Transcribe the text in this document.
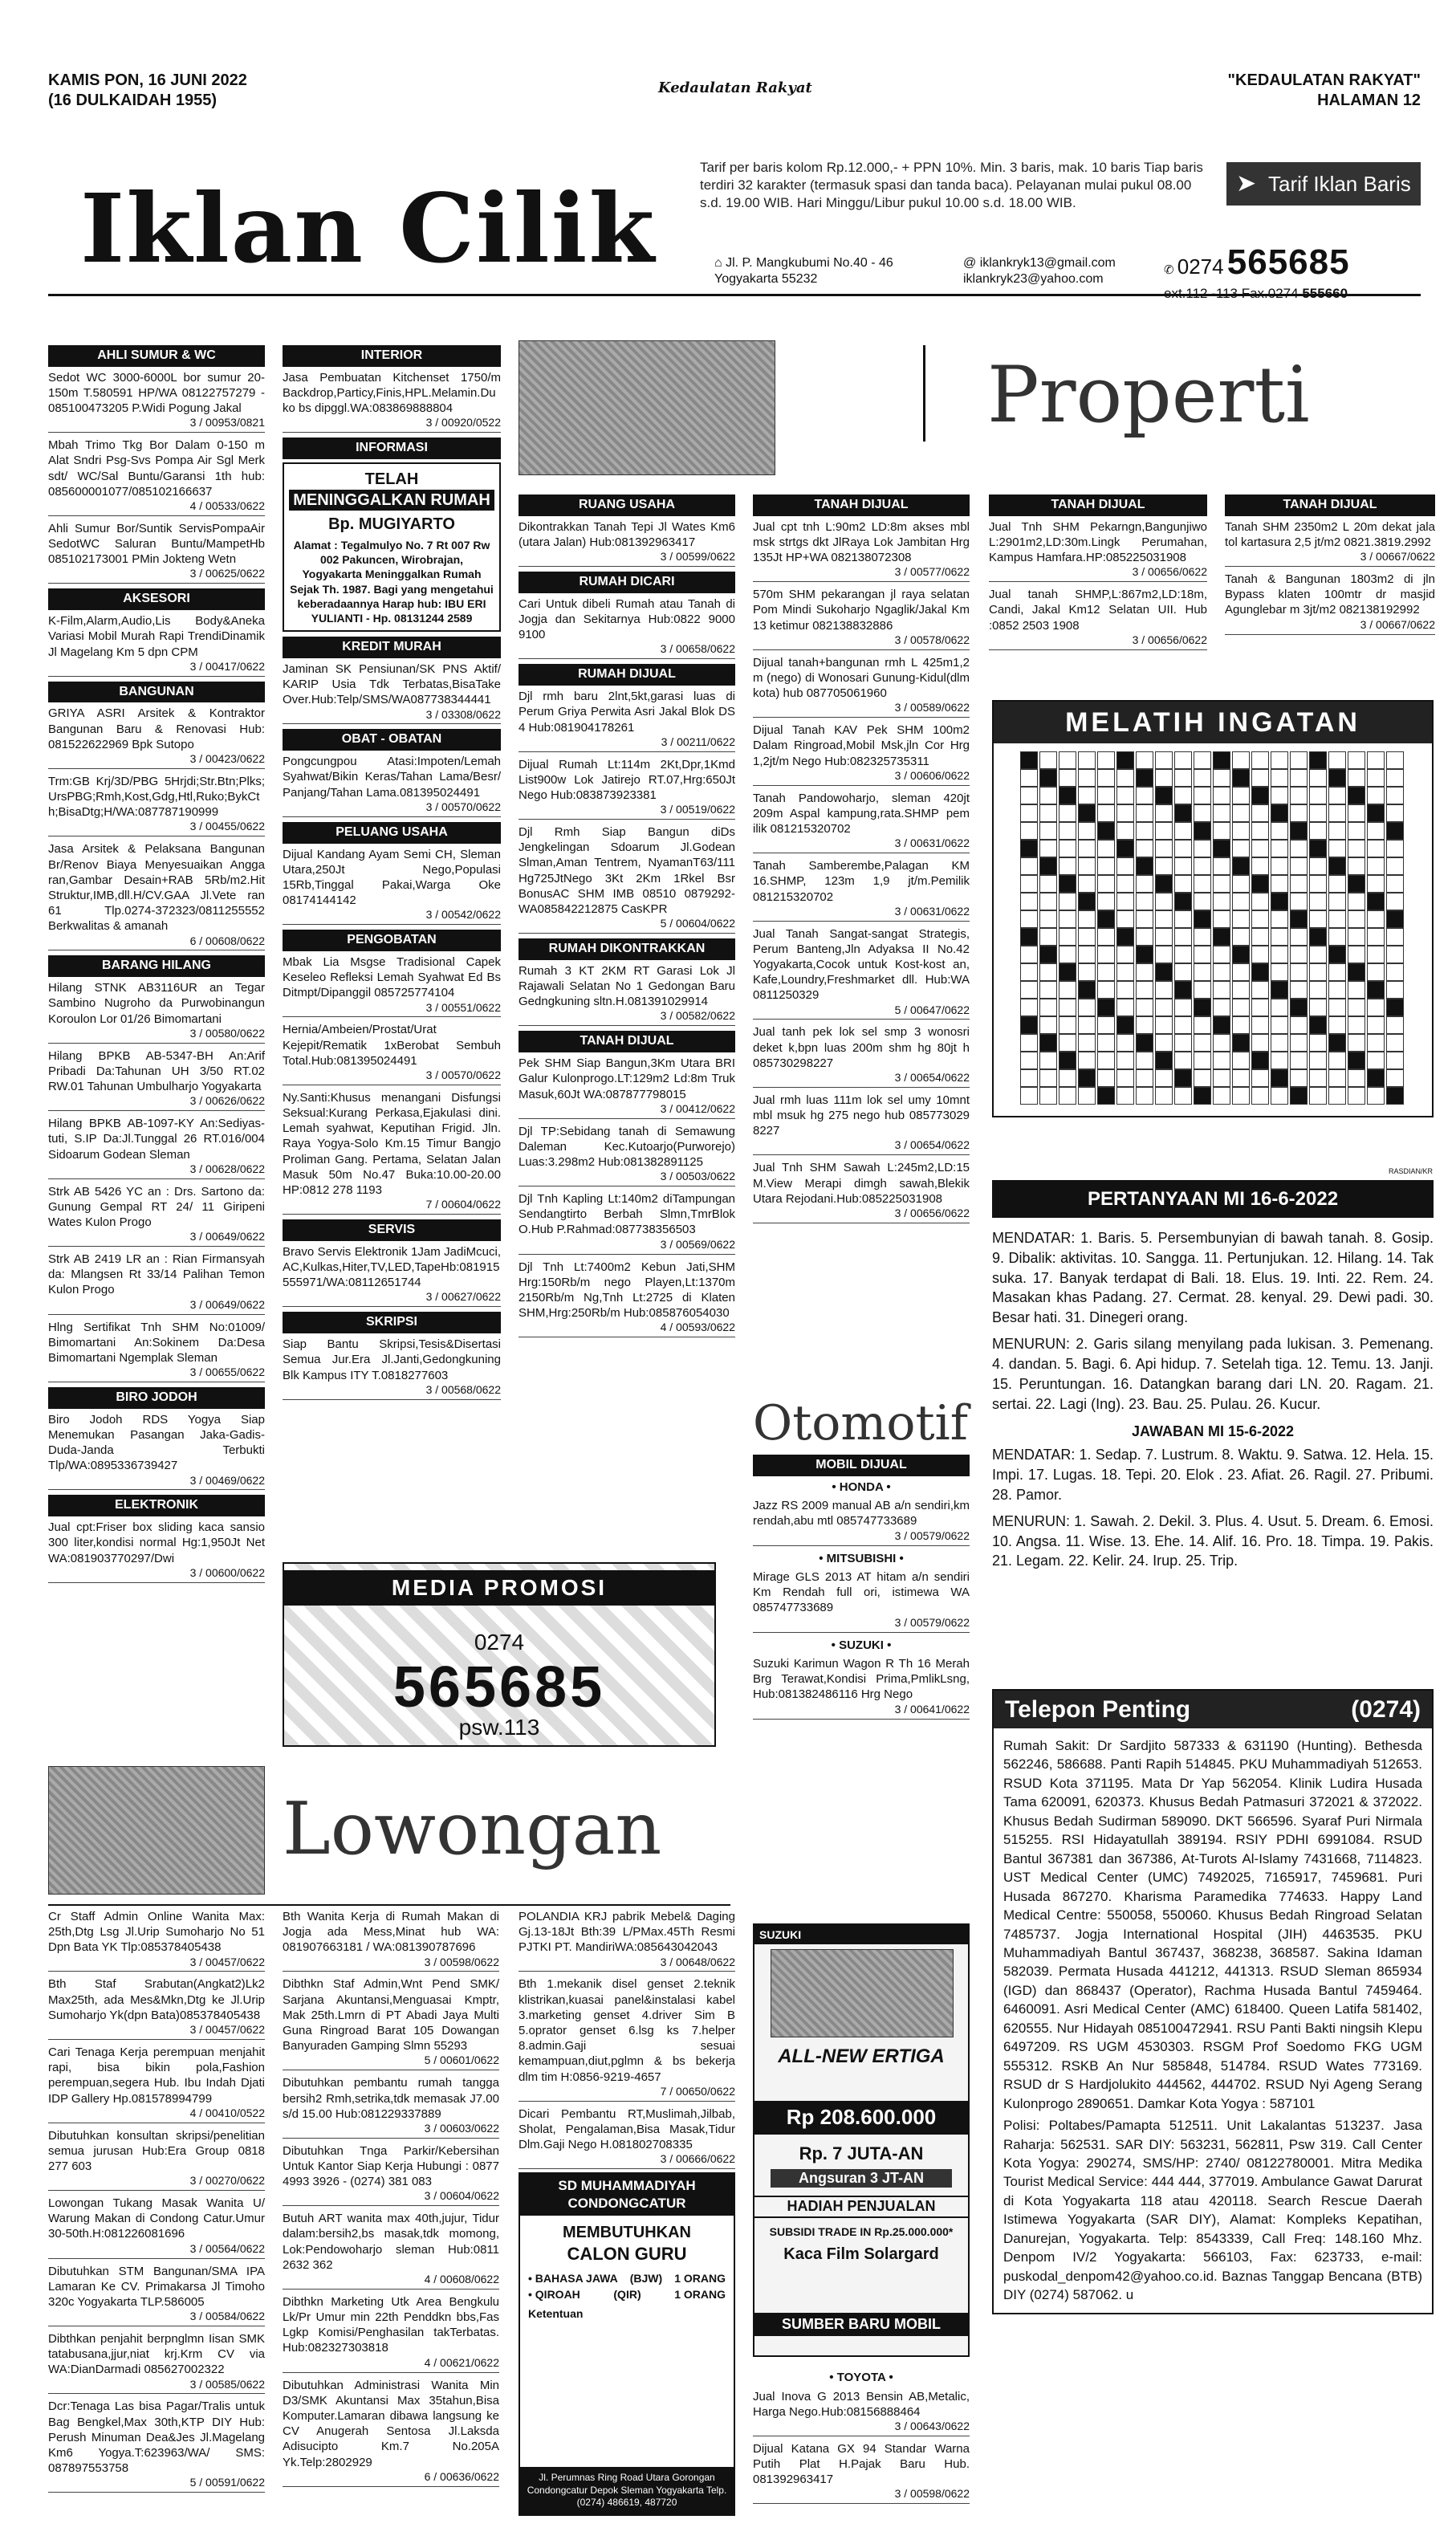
KAMIS PON, 16 JUNI 2022
(16 DULKAIDAH 1955)
Kedaulatan Rakyat	"KEDAULATAN RAKYAT"
HALAMAN 12
Iklan Cilik
Tarif per baris kolom Rp.12.000,- + PPN 10%. Min. 3 baris, mak. 10 baris Tiap baris terdiri 32 karakter (termasuk spasi dan tanda baca). Pelayanan mulai pukul 08.00 s.d. 19.00 WIB. Hari Minggu/Libur pukul 10.00 s.d. 18.00 WIB.
➤ Tarif Iklan Baris
⌂ Jl. P. Mangkubumi No.40 - 46
Yogyakarta 55232
@ iklankryk13@gmail.com
iklankryk23@yahoo.com
✆ 0274 565685
ext.112 -113 Fax.0274 555660
AHLI SUMUR & WC
Sedot WC 3000-6000L bor sumur 20-150m T.580591 HP/WA 08122757279 - 085100473205 P.Widi Pogung Jakal
3 / 00953/0821
Mbah Trimo Tkg Bor Dalam 0-150 m Alat Sndri Psg-Svs Pompa Air Sgl Merk sdt/ WC/Sal Buntu/Garansi 1th hub: 085600001077/085102166637
4 / 00533/0622
Ahli Sumur Bor/Suntik ServisPompaAir SedotWC Saluran Buntu/MampetHb 085102173001 PMin Jokteng Wetn
3 / 00625/0622
AKSESORI
K-Film,Alarm,Audio,Lis Body&Aneka Variasi Mobil Murah Rapi TrendiDinamik Jl Magelang Km 5 dpn CPM
3 / 00417/0622
BANGUNAN
GRIYA ASRI Arsitek & Kontraktor Bangunan Baru & Renovasi Hub: 081522622969 Bpk Sutopo
3 / 00423/0622
Trm:GB Krj/3D/PBG 5Hrjdi;Str.Btn;Plks; UrsPBG;Rmh,Kost,Gdg,Htl,Ruko;BykCt h;BisaDtg;H/WA:087787190999
3 / 00455/0622
Jasa Arsitek & Pelaksana Bangunan Br/Renov Biaya Menyesuaikan Angga ran,Gambar Desain+RAB 5Rb/m2.Hit Struktur,IMB,dll.H/CV.GAA Jl.Vete ran 61 Tlp.0274-372323/0811255552 Berkwalitas & amanah
6 / 00608/0622
BARANG HILANG
Hilang STNK AB3116UR an Tegar Sambino Nugroho da Purwobinangun Koroulon Lor 01/26 Bimomartani
3 / 00580/0622
Hilang BPKB AB-5347-BH An:Arif Pribadi Da:Tahunan UH 3/50 RT.02 RW.01 Tahunan Umbulharjo Yogyakarta
3 / 00626/0622
Hilang BPKB AB-1097-KY An:Sediyas-tuti, S.IP Da:Jl.Tunggal 26 RT.016/004 Sidoarum Godean Sleman
3 / 00628/0622
Strk AB 5426 YC an : Drs. Sartono da: Gunung Gempal RT 24/ 11 Giripeni Wates Kulon Progo
3 / 00649/0622
Strk AB 2419 LR an : Rian Firmansyah da: Mlangsen Rt 33/14 Palihan Temon Kulon Progo
3 / 00649/0622
Hlng Sertifikat Tnh SHM No:01009/ Bimomartani An:Sokinem Da:Desa Bimomartani Ngemplak Sleman
3 / 00655/0622
BIRO JODOH
Biro Jodoh RDS Yogya Siap Menemukan Pasangan Jaka-Gadis-Duda-Janda Terbukti Tlp/WA:0895336739427
3 / 00469/0622
ELEKTRONIK
Jual cpt:Friser box sliding kaca sansio 300 liter,kondisi normal Hg:1,950Jt Net WA:081903770297/Dwi
3 / 00600/0622
INTERIOR
Jasa Pembuatan Kitchenset 1750/m Backdrop,Particy,Finis,HPL.Melamin.Du ko bs dipggl.WA:083869888804
3 / 00920/0522
INFORMASI
TELAH
MENINGGALKAN RUMAH
Bp. MUGIYARTO
Alamat : Tegalmulyo No. 7 Rt 007 Rw 002 Pakuncen, Wirobrajan, Yogyakarta Meninggalkan Rumah Sejak Th. 1987. Bagi yang mengetahui keberadaannya Harap hub: IBU ERI YULIANTI - Hp. 08131244 2589
KREDIT MURAH
Jaminan SK Pensiunan/SK PNS Aktif/ KARIP Usia Tdk Terbatas,BisaTake Over.Hub:Telp/SMS/WA087738344441
3 / 03308/0622
OBAT - OBATAN
Pongcungpou Atasi:Impoten/Lemah Syahwat/Bikin Keras/Tahan Lama/Besr/ Panjang/Tahan Lama.081395024491
3 / 00570/0622
PELUANG USAHA
Dijual Kandang Ayam Semi CH, Sleman Utara,250Jt Nego,Populasi 15Rb,Tinggal Pakai,Warga Oke 08174144142
3 / 00542/0622
PENGOBATAN
Mbak Lia Msgse Tradisional Capek Keseleo Refleksi Lemah Syahwat Ed Bs Ditmpt/Dipanggil 085725774104
3 / 00551/0622
Hernia/Ambeien/Prostat/Urat Kejepit/Rematik 1xBerobat Sembuh Total.Hub:081395024491
3 / 00570/0622
Ny.Santi:Khusus menangani Disfungsi Seksual:Kurang Perkasa,Ejakulasi dini. Lemah syahwat, Keputihan Frigid. Jln. Raya Yogya-Solo Km.15 Timur Bangjo Proliman Gang. Pertama, Selatan Jalan Masuk 50m No.47 Buka:10.00-20.00 HP:0812 278 1193
7 / 00604/0622
SERVIS
Bravo Servis Elektronik 1Jam JadiMcuci, AC,Kulkas,Hiter,TV,LED,TapeHb:081915 555971/WA:08112651744
3 / 00627/0622
SKRIPSI
Siap Bantu Skripsi,Tesis&Disertasi Semua Jur.Era Jl.Janti,Gedongkuning Blk Kampus ITY T.0818277603
3 / 00568/0622
MEDIA PROMOSI
0274
565685
psw.113
Properti
RUANG USAHA
Dikontrakkan Tanah Tepi Jl Wates Km6 (utara Jalan) Hub:081392963417
3 / 00599/0622
RUMAH DICARI
Cari Untuk dibeli Rumah atau Tanah di Jogja dan Sekitarnya Hub:0822 9000 9100
3 / 00658/0622
RUMAH DIJUAL
Djl rmh baru 2lnt,5kt,garasi luas di Perum Griya Perwita Asri Jakal Blok DS 4 Hub:081904178261
3 / 00211/0622
Dijual Rumah Lt:114m 2Kt,Dpr,1Kmd List900w Lok Jatirejo RT.07,Hrg:650Jt Nego Hub:083873923381
3 / 00519/0622
Djl Rmh Siap Bangun diDs Jengkelingan Sdoarum Jl.Godean Slman,Aman Tentrem, NyamanT63/111 Hg725JtNego 3Kt 2Km 1Rkel Bsr BonusAC SHM IMB 08510 0879292-WA085842212875 CasKPR
5 / 00604/0622
RUMAH DIKONTRAKKAN
Rumah 3 KT 2KM RT Garasi Lok Jl Rajawali Selatan No 1 Gedongan Baru Gedngkuning sltn.H.081391029914
3 / 00582/0622
TANAH DIJUAL
Pek SHM Siap Bangun,3Km Utara BRI Galur Kulonprogo.LT:129m2 Ld:8m Truk Masuk,60Jt WA:087877798015
3 / 00412/0622
Djl TP:Sebidang tanah di Semawung Daleman Kec.Kutoarjo(Purworejo) Luas:3.298m2 Hub:081382891125
3 / 00503/0622
Djl Tnh Kapling Lt:140m2 diTampungan Sendangtirto Berbah Slmn,TmrBlok O.Hub P.Rahmad:087738356503
3 / 00569/0622
Djl Tnh Lt:7400m2 Kebun Jati,SHM Hrg:150Rb/m nego Playen,Lt:1370m 2150Rb/m Ng,Tnh Lt:2725 di Klaten SHM,Hrg:250Rb/m Hub:085876054030
4 / 00593/0622
TANAH DIJUAL
Jual cpt tnh L:90m2 LD:8m akses mbl msk strtgs dkt JlRaya Lok Jambitan Hrg 135Jt HP+WA 082138072308
3 / 00577/0622
570m SHM pekarangan jl raya selatan Pom Mindi Sukoharjo Ngaglik/Jakal Km 13 ketimur 082138832886
3 / 00578/0622
Dijual tanah+bangunan rmh L 425m1,2 m (nego) di Wonosari Gunung-Kidul(dlm kota) hub 087705061960
3 / 00589/0622
Dijual Tanah KAV Pek SHM 100m2 Dalam Ringroad,Mobil Msk,jln Cor Hrg 1,2jt/m Nego Hub:082325735311
3 / 00606/0622
Tanah Pandowoharjo, sleman 420jt 209m Aspal kampung,rata.SHMP pem ilik 081215320702
3 / 00631/0622
Tanah Samberembe,Palagan KM 16.SHMP, 123m 1,9 jt/m.Pemilik 081215320702
3 / 00631/0622
Jual Tanah Sangat-sangat Strategis, Perum Banteng,Jln Adyaksa II No.42 Yogyakarta,Cocok untuk Kost-kost an, Kafe,Loundry,Freshmarket dll. Hub:WA 0811250329
5 / 00647/0622
Jual tanh pek lok sel smp 3 wonosri deket k,bpn luas 200m shm hg 80jt h 085730298227
3 / 00654/0622
Jual rmh luas 111m lok sel umy 10mnt mbl msuk hg 275 nego hub 085773029 8227
3 / 00654/0622
Jual Tnh SHM Sawah L:245m2,LD:15 M.View Merapi dimgh sawah,Blekik Utara Rejodani.Hub:085225031908
3 / 00656/0622
TANAH DIJUAL
Jual Tnh SHM Pekarngn,Bangunjiwo L:2901m2,LD:30m.Lingk Perumahan, Kampus Hamfara.HP:085225031908
3 / 00656/0622
Jual tanah SHMP,L:867m2,LD:18m, Candi, Jakal Km12 Selatan UII. Hub :0852 2503 1908
3 / 00656/0622
TANAH DIJUAL
Tanah SHM 2350m2 L 20m dekat jala tol kartasura 2,5 jt/m2 0821.3819.2992
3 / 00667/0622
Tanah & Bangunan 1803m2 di jln Bypass klaten 100mtr dr masjid Agunglebar m 3jt/m2 082138192992
3 / 00667/0622
Otomotif
MOBIL DIJUAL
• HONDA •
Jazz RS 2009 manual AB a/n sendiri,km rendah,abu mtl 085747733689
3 / 00579/0622
• MITSUBISHI •
Mirage GLS 2013 AT hitam a/n sendiri Km Rendah full ori, istimewa WA 085747733689
3 / 00579/0622
• SUZUKI •
Suzuki Karimun Wagon R Th 16 Merah Brg Terawat,Kondisi Prima,PmlikLsng, Hub:081382486116 Hrg Nego
3 / 00641/0622
SUZUKI
ALL-NEW ERTIGA
Rp 208.600.000
Rp. 7 JUTA-AN
Angsuran 3 JT-AN
HADIAH PENJUALAN
SUBSIDI TRADE IN Rp.25.000.000*
Kaca Film Solargard
SUMBER BARU MOBIL
• TOYOTA •
Jual Inova G 2013 Bensin AB,Metalic, Harga Nego.Hub:08156888464
3 / 00643/0622
Dijual Katana GX 94 Standar Warna Putih Plat H.Pajak Baru Hub. 081392963417
3 / 00598/0622
MELATIH INGATAN
RASDIAN/KR
PERTANYAAN MI 16-6-2022

MENDATAR: 1. Baris. 5. Persembunyian di bawah tanah. 8. Gosip. 9. Dibalik: aktivitas. 10. Sangga. 11. Pertunjukan. 12. Hilang. 14. Tak suka. 17. Banyak terdapat di Bali. 18. Elus. 19. Inti. 22. Rem. 24. Masakan khas Padang. 27. Cermat. 28. kenyal. 29. Dewi padi. 30. Besar hati. 31. Dinegeri orang.

MENURUN: 2. Garis silang menyilang pada lukisan. 3. Pemenang. 4. dandan. 5. Bagi. 6. Api hidup. 7. Setelah tiga. 12. Temu. 13. Janji. 15. Peruntungan. 16. Datangkan barang dari LN. 20. Ragam. 21. sertai. 22. Lagi (Ing). 23. Bau. 25. Pulau. 26. Kucur.

JAWABAN MI 15-6-2022

MENDATAR: 1. Sedap. 7. Lustrum. 8. Waktu. 9. Satwa. 12. Hela. 15. Impi. 17. Lugas. 18. Tepi. 20. Elok . 23. Afiat. 26. Ragil. 27. Pribumi. 28. Pamor.

MENURUN: 1. Sawah. 2. Dekil. 3. Plus. 4. Usut. 5. Dream. 6. Emosi. 10. Angsa. 11. Wise. 13. Ehe. 14. Alif. 16. Pro. 18. Timpa. 19. Pakis. 21. Legam. 22. Kelir. 24. Irup. 25. Trip.

Telepon Penting	(0274)

Rumah Sakit: Dr Sardjito 587333 & 631190 (Hunting). Bethesda 562246, 586688. Panti Rapih 514845. PKU Muhammadiyah 512653. RSUD Kota 371195. Mata Dr Yap 562054. Klinik Ludira Husada Tama 620091, 620373. Khusus Bedah Patmasuri 372021 & 372022. Khusus Bedah Sudirman 589090. DKT 566596. Syaraf Puri Nirmala 515255. RSI Hidayatullah 389194. RSIY PDHI 6991084. RSUD Bantul 367381 dan 367386, At-Turots Al-Islamy 7431668, 7114823. UST Medical Center (UMC) 7492025, 7165917, 7459681. Puri Husada 867270. Kharisma Paramedika 774633. Happy Land Medical Centre: 550058, 550060. Khusus Bedah Ringroad Selatan 7485737. Jogja International Hospital (JIH) 4463535. PKU Muhammadiyah Bantul 367437, 368238, 368587. Sakina Idaman 582039. Permata Husada 441212, 441313. RSUD Sleman 865934 (IGD) dan 868437 (Operator), Rachma Husada Bantul 7459464. 6460091. Asri Medical Center (AMC) 618400. Queen Latifa 581402, 620555. Nur Hidayah 085100472941. RSU Panti Bakti ningsih Klepu 6497209. RS UGM 4530303. RSGM Prof Soedomo FKG UGM 555312. RSKB An Nur 585848, 514784. RSUD Wates 773169. RSUD dr S Hardjolukito 444562, 444702. RSUD Nyi Ageng Serang Kulonprogo 2890651. Damkar Kota Yogya : 587101

Polisi: Poltabes/Pamapta 512511. Unit Lakalantas 513237. Jasa Raharja: 562531. SAR DIY: 563231, 562811, Psw 319. Call Center Kota Yogya: 290274, SMS/HP: 2740/ 08122780001. Mitra Medika Tourist Medical Service: 444 444, 377019. Ambulance Gawat Darurat di Kota Yogyakarta 118 atau 420118. Search Rescue Daerah Istimewa Yogyakarta (SAR DIY), Alamat: Kompleks Kepatihan, Danurejan, Yogyakarta. Telp: 8543339, Call Freq: 148.160 Mhz. Denpom IV/2 Yogyakarta: 566103, Fax: 623733, e-mail: puskodal_denpom42@yahoo.co.id. Baznas Tanggap Bencana (BTB) DIY (0274) 587062. u

Lowongan
Cr Staff Admin Online Wanita Max: 25th,Dtg Lsg Jl.Urip Sumoharjo No 51 Dpn Bata YK Tlp:085378405438
3 / 00457/0622
Bth Staf Srabutan(Angkat2)Lk2 Max25th, ada Mes&Mkn,Dtg ke Jl.Urip Sumoharjo Yk(dpn Bata)085378405438
3 / 00457/0622
Cari Tenaga Kerja perempuan menjahit rapi, bisa bikin pola,Fashion perempuan,segera Hub. Ibu Indah Djati IDP Gallery Hp.081578994799
4 / 00410/0522
Dibutuhkan konsultan skripsi/penelitian semua jurusan Hub:Era Group 0818 277 603
3 / 00270/0622
Lowongan Tukang Masak Wanita U/ Warung Makan di Condong Catur.Umur 30-50th.H:081226081696
3 / 00564/0622
Dibutuhkan STM Bangunan/SMA IPA Lamaran Ke CV. Primakarsa Jl Timoho 320c Yogyakarta TLP.586005
3 / 00584/0622
Dibthkan penjahit berpnglmn Iisan SMK tatabusana,jjur,niat krj.Krm CV via WA:DianDarmadi 085627002322
3 / 00585/0622
Dcr:Tenaga Las bisa Pagar/Tralis untuk Bag Bengkel,Max 30th,KTP DIY Hub: Perush Minuman Dea&Jes Jl.Magelang Km6 Yogya.T:623963/WA/ SMS: 087897553758
5 / 00591/0622
Bth Wanita Kerja di Rumah Makan di Jogja ada Mess,Minat hub WA: 081907663181 / WA:081390787696
3 / 00598/0622
Dibthkn Staf Admin,Wnt Pend SMK/ Sarjana Akuntansi,Menguasai Kmptr, Mak 25th.Lmrn di PT Abadi Jaya Multi Guna Ringroad Barat 105 Dowangan Banyuraden Gamping Slmn 55293
5 / 00601/0622
Dibutuhkan pembantu rumah tangga bersih2 Rmh,setrika,tdk memasak J7.00 s/d 15.00 Hub:081229337889
3 / 00603/0622
Dibutuhkan Tnga Parkir/Kebersihan Untuk Kantor Siap Kerja Hubungi : 0877 4993 3926 - (0274) 381 083
3 / 00604/0622
Butuh ART wanita max 40th,jujur, Tidur dalam:bersih2,bs masak,tdk momong, Lok:Pendowoharjo sleman Hub:0811 2632 362
4 / 00608/0622
Dibthkn Marketing Utk Area Bengkulu Lk/Pr Umur min 22th Penddkn bbs,Fas Lgkp Komisi/Penghasilan takTerbatas. Hub:082327303818
4 / 00621/0622
Dibutuhkan Administrasi Wanita Min D3/SMK Akuntansi Max 35tahun,Bisa Komputer.Lamaran dibawa langsung ke CV Anugerah Sentosa Jl.Laksda Adisucipto Km.7 No.205A Yk.Telp:2802929
6 / 00636/0622
POLANDIA KRJ pabrik Mebel& Daging Gj.13-18Jt Bth:39 L/PMax.45Th Resmi PJTKI PT. MandiriWA:085643042043
3 / 00648/0622
Bth 1.mekanik disel genset 2.teknik klistrikan,kuasai panel&instalasi kabel 3.marketing genset 4.driver Sim B 5.oprator genset 6.lsg ks 7.helper 8.admin.Gaji sesuai kemampuan,diut,pglmn & bs bekerja dlm tim H:0856-9219-4657
7 / 00650/0622
Dicari Pembantu RT,Muslimah,Jilbab, Sholat, Pengalaman,Bisa Masak,Tidur Dlm.Gaji Nego H.081802708335
3 / 00666/0622
SD MUHAMMADIYAH
CONDONGCATUR
MEMBUTUHKAN
CALON GURU
• BAHASA JAWA (BJW) 1 ORANG
• QIROAH	(QIR)	1 ORANG
Ketentuan
Jl. Perumnas Ring Road Utara Gorongan Condongcatur Depok Sleman Yogyakarta Telp. (0274) 486619, 487720
